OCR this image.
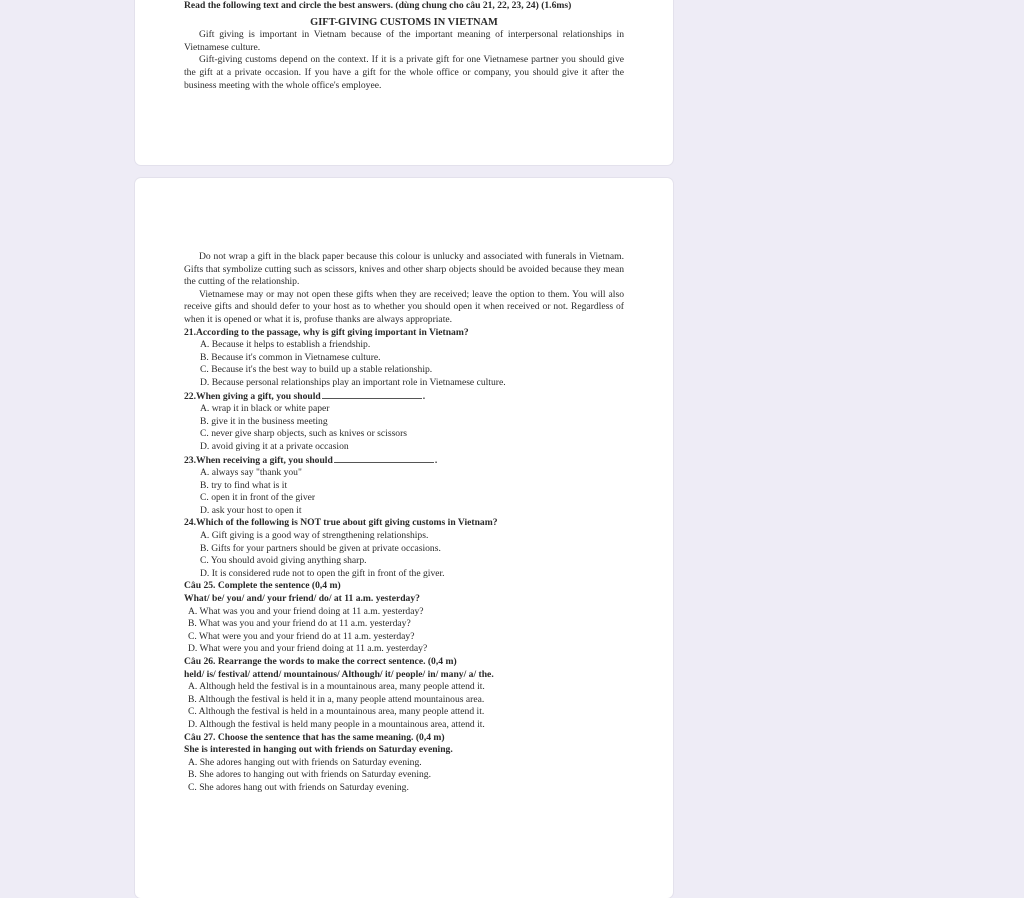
Read the following text and circle the best answers. (dùng chung cho câu 21, 22, 23, 24) (1.6ms)

GIFT-GIVING CUSTOMS IN VIETNAM

Gift giving is important in Vietnam because of the important meaning of interpersonal relationships in Vietnamese culture.

Gift-giving customs depend on the context. If it is a private gift for one Vietnamese partner you should give the gift at a private occasion. If you have a gift for the whole office or company, you should give it after the business meeting with the whole office's employee.

Do not wrap a gift in the black paper because this colour is unlucky and associated with funerals in Vietnam. Gifts that symbolize cutting such as scissors, knives and other sharp objects should be avoided because they mean the cutting of the relationship.

Vietnamese may or may not open these gifts when they are received; leave the option to them. You will also receive gifts and should defer to your host as to whether you should open it when received or not. Regardless of when it is opened or what it is, profuse thanks are always appropriate.

21.According to the passage, why is gift giving important in Vietnam?

A. Because it helps to establish a friendship.

B. Because it's common in Vietnamese culture.

C. Because it's the best way to build up a stable relationship.

D. Because personal relationships play an important role in Vietnamese culture.

22.When giving a gift, you should	.

A. wrap it in black or white paper

B. give it in the business meeting

C. never give sharp objects, such as knives or scissors

D. avoid giving it at a private occasion

23.When receiving a gift, you should	.

A. always say "thank you"

B. try to find what is it

C. open it in front of the giver

D. ask your host to open it

24.Which of the following is NOT true about gift giving customs in Vietnam?

A. Gift giving is a good way of strengthening relationships.

B. Gifts for your partners should be given at private occasions.

C. You should avoid giving anything sharp.

D. It is considered rude not to open the gift in front of the giver.

Câu 25. Complete the sentence (0,4 m)

What/ be/ you/ and/ your friend/ do/ at 11 a.m. yesterday?

A. What was you and your friend doing at 11 a.m. yesterday?

B. What was you and your friend do at 11 a.m. yesterday?

C. What were you and your friend do at 11 a.m. yesterday?

D. What were you and your friend doing at 11 a.m. yesterday?

Câu 26. Rearrange the words to make the correct sentence. (0,4 m)

held/ is/ festival/ attend/ mountainous/ Although/ it/ people/ in/ many/ a/ the.

A. Although held the festival is in a mountainous area, many people attend it.

B. Although the festival is held it in a, many people attend mountainous area.

C. Although the festival is held in a mountainous area, many people attend it.

D. Although the festival is held many people in a mountainous area, attend it.

Câu 27. Choose the sentence that has the same meaning. (0,4 m)

She is interested in hanging out with friends on Saturday evening.

A. She adores hanging out with friends on Saturday evening.

B. She adores to hanging out with friends on Saturday evening.

C. She adores hang out with friends on Saturday evening.
